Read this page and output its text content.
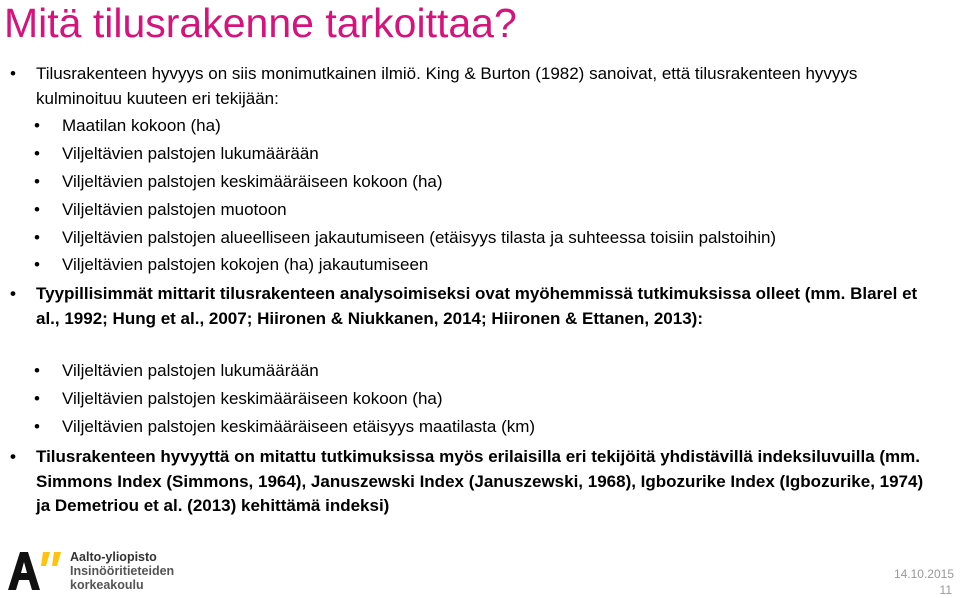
Mitä tilusrakenne tarkoittaa?
• Tilusrakenteen hyvyys on siis monimutkainen ilmiö. King & Burton (1982) sanoivat, että tilusrakenteen hyvyys kulminoituu kuuteen eri tekijään:
• Maatilan kokoon (ha)
• Viljeltävien palstojen lukumäärään
• Viljeltävien palstojen keskimääräiseen kokoon (ha)
• Viljeltävien palstojen muotoon
• Viljeltävien palstojen alueelliseen jakautumiseen (etäisyys tilasta ja suhteessa toisiin palstoihin)
• Viljeltävien palstojen kokojen (ha) jakautumiseen
• Tyypillisimmät mittarit tilusrakenteen analysoimiseksi ovat myöhemmissä tutkimuksissa olleet (mm. Blarel et al., 1992; Hung et al., 2007; Hiironen & Niukkanen, 2014; Hiironen & Ettanen, 2013):
• Viljeltävien palstojen lukumäärään
• Viljeltävien palstojen keskimääräiseen kokoon (ha)
• Viljeltävien palstojen keskimääräiseen etäisyys maatilasta (km)
• Tilusrakenteen hyvyyttä on mitattu tutkimuksissa myös erilaisilla eri tekijöitä yhdistävillä indeksiluvuilla (mm. Simmons Index (Simmons, 1964), Januszewski Index (Januszewski, 1968), Igbozurike Index (Igbozurike, 1974) ja Demetriou et al. (2013) kehittämä indeksi)
Aalto-yliopisto
Insinööritieteiden
korkeakoulu
14.10.2015
11
